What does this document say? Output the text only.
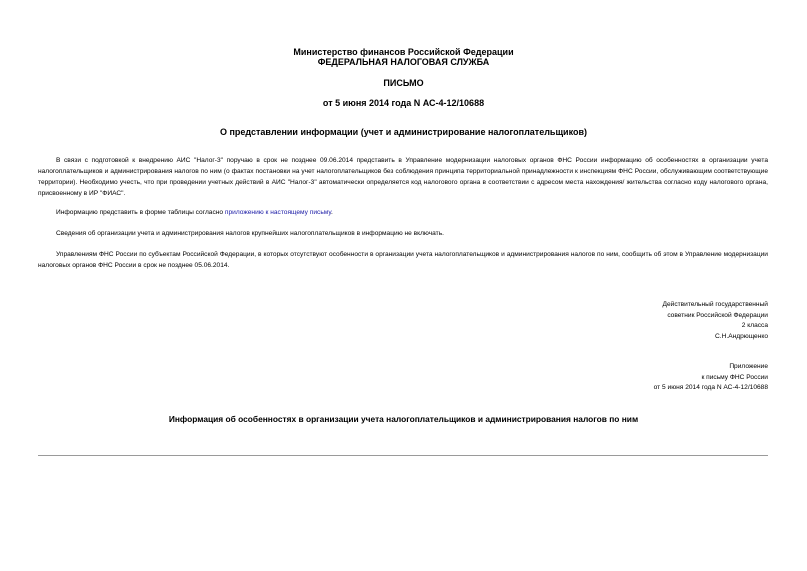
Министерство финансов Российской Федерации
ФЕДЕРАЛЬНАЯ НАЛОГОВАЯ СЛУЖБА
ПИСЬМО
от 5 июня 2014 года N АС-4-12/10688
О представлении информации (учет и администрирование налогоплательщиков)

В связи с подготовкой к внедрению АИС "Налог-3" поручаю в срок не позднее 09.06.2014 представить в Управление модернизации налоговых органов ФНС России информацию об особенностях в организации учета налогоплательщиков и администрирования налогов по ним (о фактах постановки на учет налогоплательщиков без соблюдения принципа территориальной принадлежности к инспекциям ФНС России, обслуживающим соответствующие территории). Необходимо учесть, что при проведении учетных действий в АИС "Налог-3" автоматически определяется код налогового органа в соответствии с адресом места нахождения/ жительства согласно коду налогового органа, присвоенному в ИР "ФИАС".

Информацию представить в форме таблицы согласно приложению к настоящему письму.

Сведения об организации учета и администрирования налогов крупнейших налогоплательщиков в информацию не включать.

Управлениям ФНС России по субъектам Российской Федерации, в которых отсутствуют особенности в организации учета налогоплательщиков и администрирования налогов по ним, сообщить об этом в Управление модернизации налоговых органов ФНС России в срок не позднее 05.06.2014.

Действительный государственный
советник Российской Федерации
2 класса
С.Н.Андрющенко
Приложение
к письму ФНС России
от 5 июня 2014 года N АС-4-12/10688
Информация об особенностях в организации учета налогоплательщиков и администрирования налогов по ним
